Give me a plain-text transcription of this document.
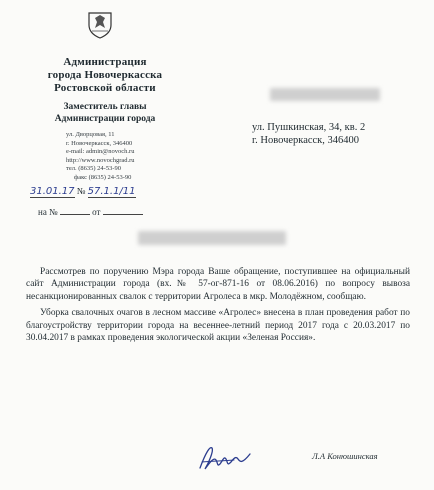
Администрация
города Новочеркасска
Ростовской области
Заместитель главы
Администрации города
ул. Дворцовая, 11
г. Новочеркасск, 346400
e-mail: admin@novoch.ru
http://www.novochgrad.ru
тел. (8635) 24-53-90
факс (8635) 24-53-90
31.01.17 № 57.1.1/11
на №	от
ул. Пушкинская, 34, кв. 2
г. Новочеркасск, 346400

Рассмотрев по поручению Мэра города Ваше обращение, поступившее на официальный сайт Администрации города (вх.№ 57-ог-871-16 от 08.06.2016) по вопросу вывоза несанкционированных свалок с территории Агролеса в мкр. Молодёжном, сообщаю.

Уборка свалочных очагов в лесном массиве «Агролес» внесена в план проведения работ по благоустройству территории города на весеннее-летний период 2017 года с 20.03.2017 по 30.04.2017 в рамках проведения экологической акции «Зеленая Россия».

Л.А Конюшинская
